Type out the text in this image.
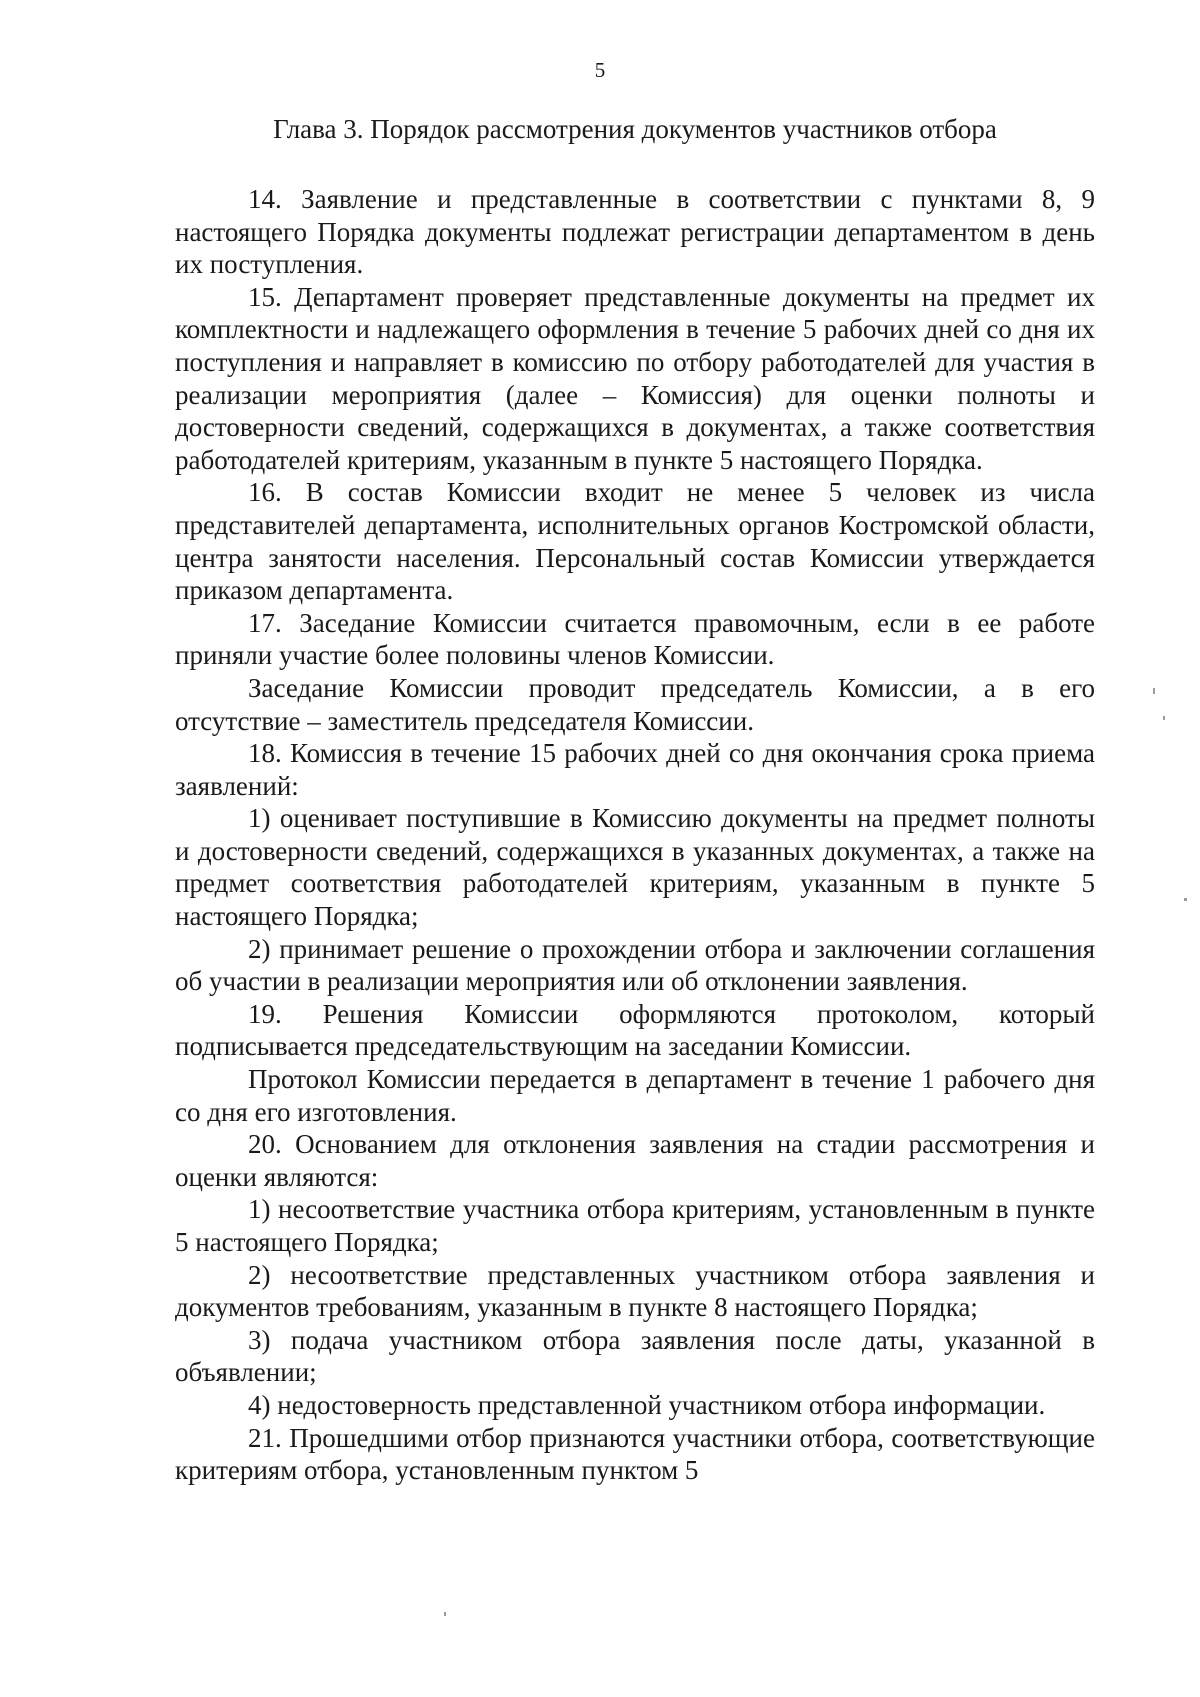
5
Глава 3. Порядок рассмотрения документов участников отбора

14. Заявление и представленные в соответствии с пунктами 8, 9 настоящего Порядка документы подлежат регистрации департаментом в день их поступления.

15. Департамент проверяет представленные документы на предмет их комплектности и надлежащего оформления в течение 5 рабочих дней со дня их поступления и направляет в комиссию по отбору работодателей для участия в реализации мероприятия (далее – Комиссия) для оценки полноты и достоверности сведений, содержащихся в документах, а также соответствия работодателей критериям, указанным в пункте 5 настоящего Порядка.

16. В состав Комиссии входит не менее 5 человек из числа представителей департамента, исполнительных органов Костромской области, центра занятости населения. Персональный состав Комиссии утверждается приказом департамента.

17. Заседание Комиссии считается правомочным, если в ее работе приняли участие более половины членов Комиссии.

Заседание Комиссии проводит председатель Комиссии, а в его отсутствие – заместитель председателя Комиссии.

18. Комиссия в течение 15 рабочих дней со дня окончания срока приема заявлений:

1) оценивает поступившие в Комиссию документы на предмет полноты и достоверности сведений, содержащихся в указанных документах, а также на предмет соответствия работодателей критериям, указанным в пункте 5 настоящего Порядка;

2) принимает решение о прохождении отбора и заключении соглашения об участии в реализации мероприятия или об отклонении заявления.

19. Решения Комиссии оформляются протоколом, который подписывается председательствующим на заседании Комиссии.

Протокол Комиссии передается в департамент в течение 1 рабочего дня со дня его изготовления.

20. Основанием для отклонения заявления на стадии рассмотрения и оценки являются:

1) несоответствие участника отбора критериям, установленным в пункте 5 настоящего Порядка;

2) несоответствие представленных участником отбора заявления и документов требованиям, указанным в пункте 8 настоящего Порядка;

3) подача участником отбора заявления после даты, указанной в объявлении;

4) недостоверность представленной участником отбора информации.

21. Прошедшими отбор признаются участники отбора, соответствующие критериям отбора, установленным пунктом 5
